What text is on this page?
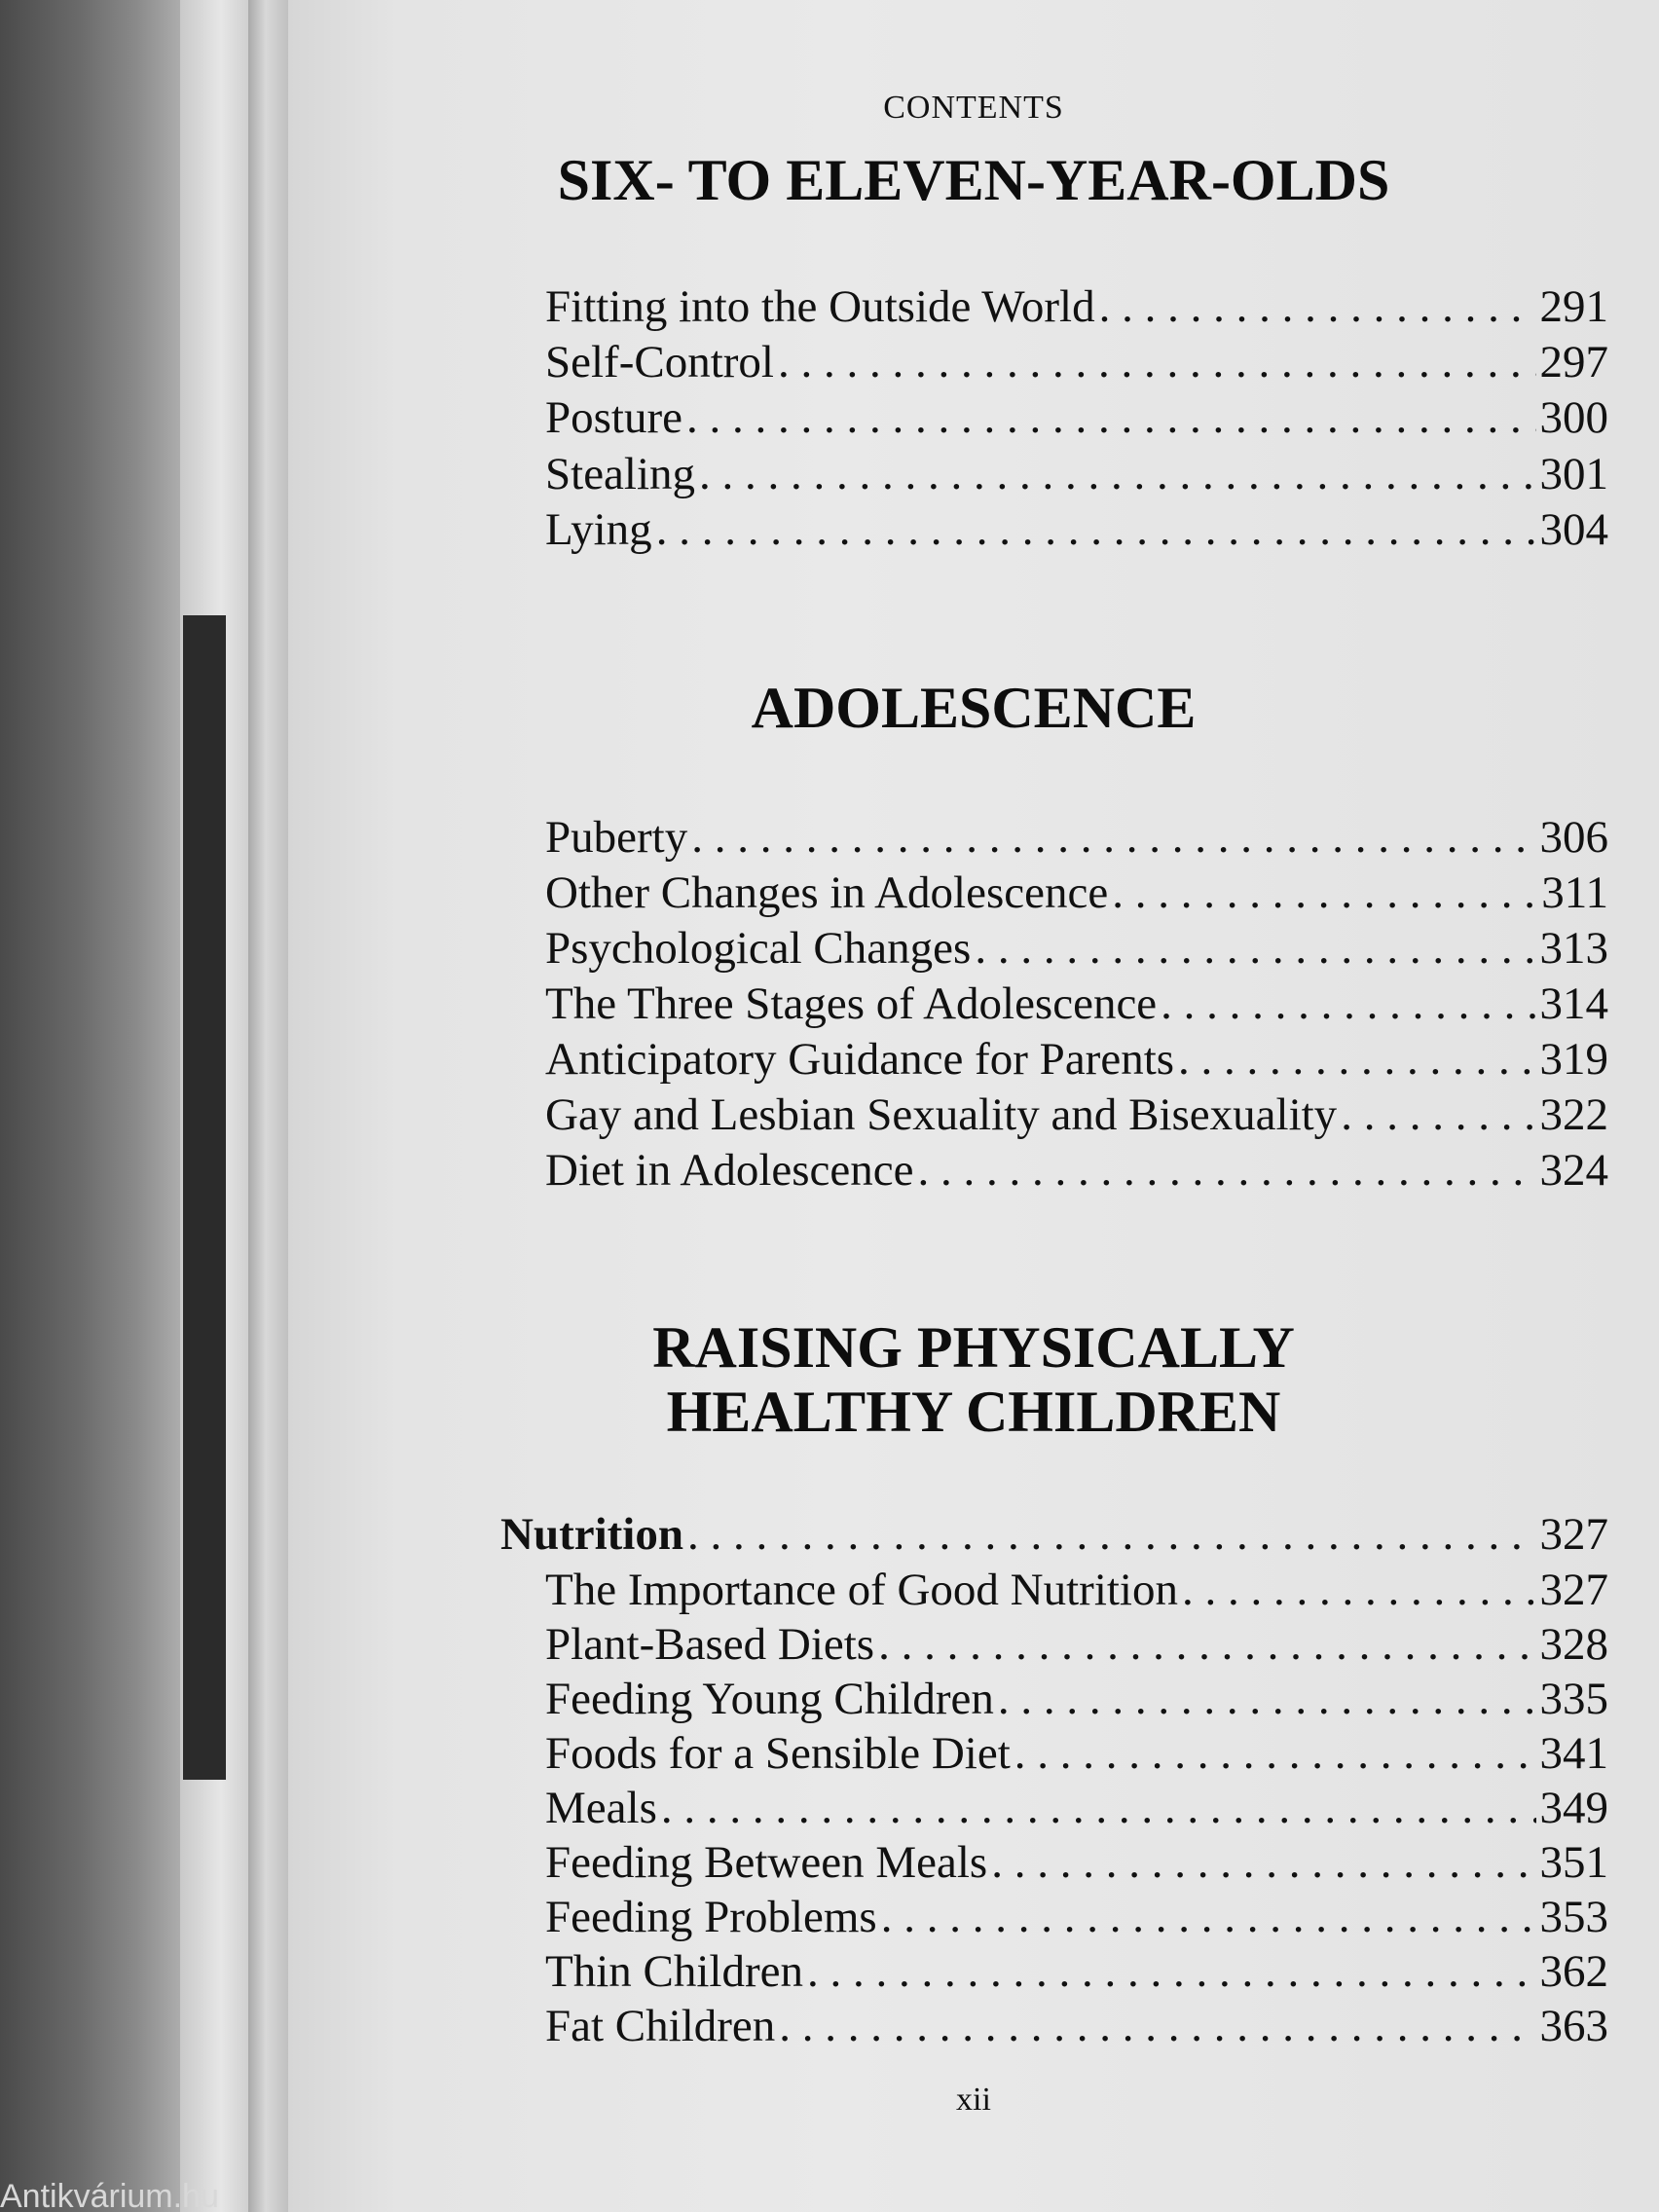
Antikvárium.hu
CONTENTS
SIX- TO ELEVEN-YEAR-OLDS
Fitting into the Outside World . . .	291
Self-Control . . .	297
Posture . . .	300
Stealing . . .	301
Lying . . .	304
ADOLESCENCE
Puberty . . .	306
Other Changes in Adolescence . . .	311
Psychological Changes . . .	313
The Three Stages of Adolescence . . .	314
Anticipatory Guidance for Parents . . .	319
Gay and Lesbian Sexuality and Bisexuality . . .	322
Diet in Adolescence . . .	324
RAISING PHYSICALLY
HEALTHY CHILDREN
Nutrition . . .	327
The Importance of Good Nutrition . . .	327
Plant-Based Diets . . .	328
Feeding Young Children . . .	335
Foods for a Sensible Diet . . .	341
Meals . . .	349
Feeding Between Meals . . .	351
Feeding Problems . . .	353
Thin Children . . .	362
Fat Children . . .	363
xii
